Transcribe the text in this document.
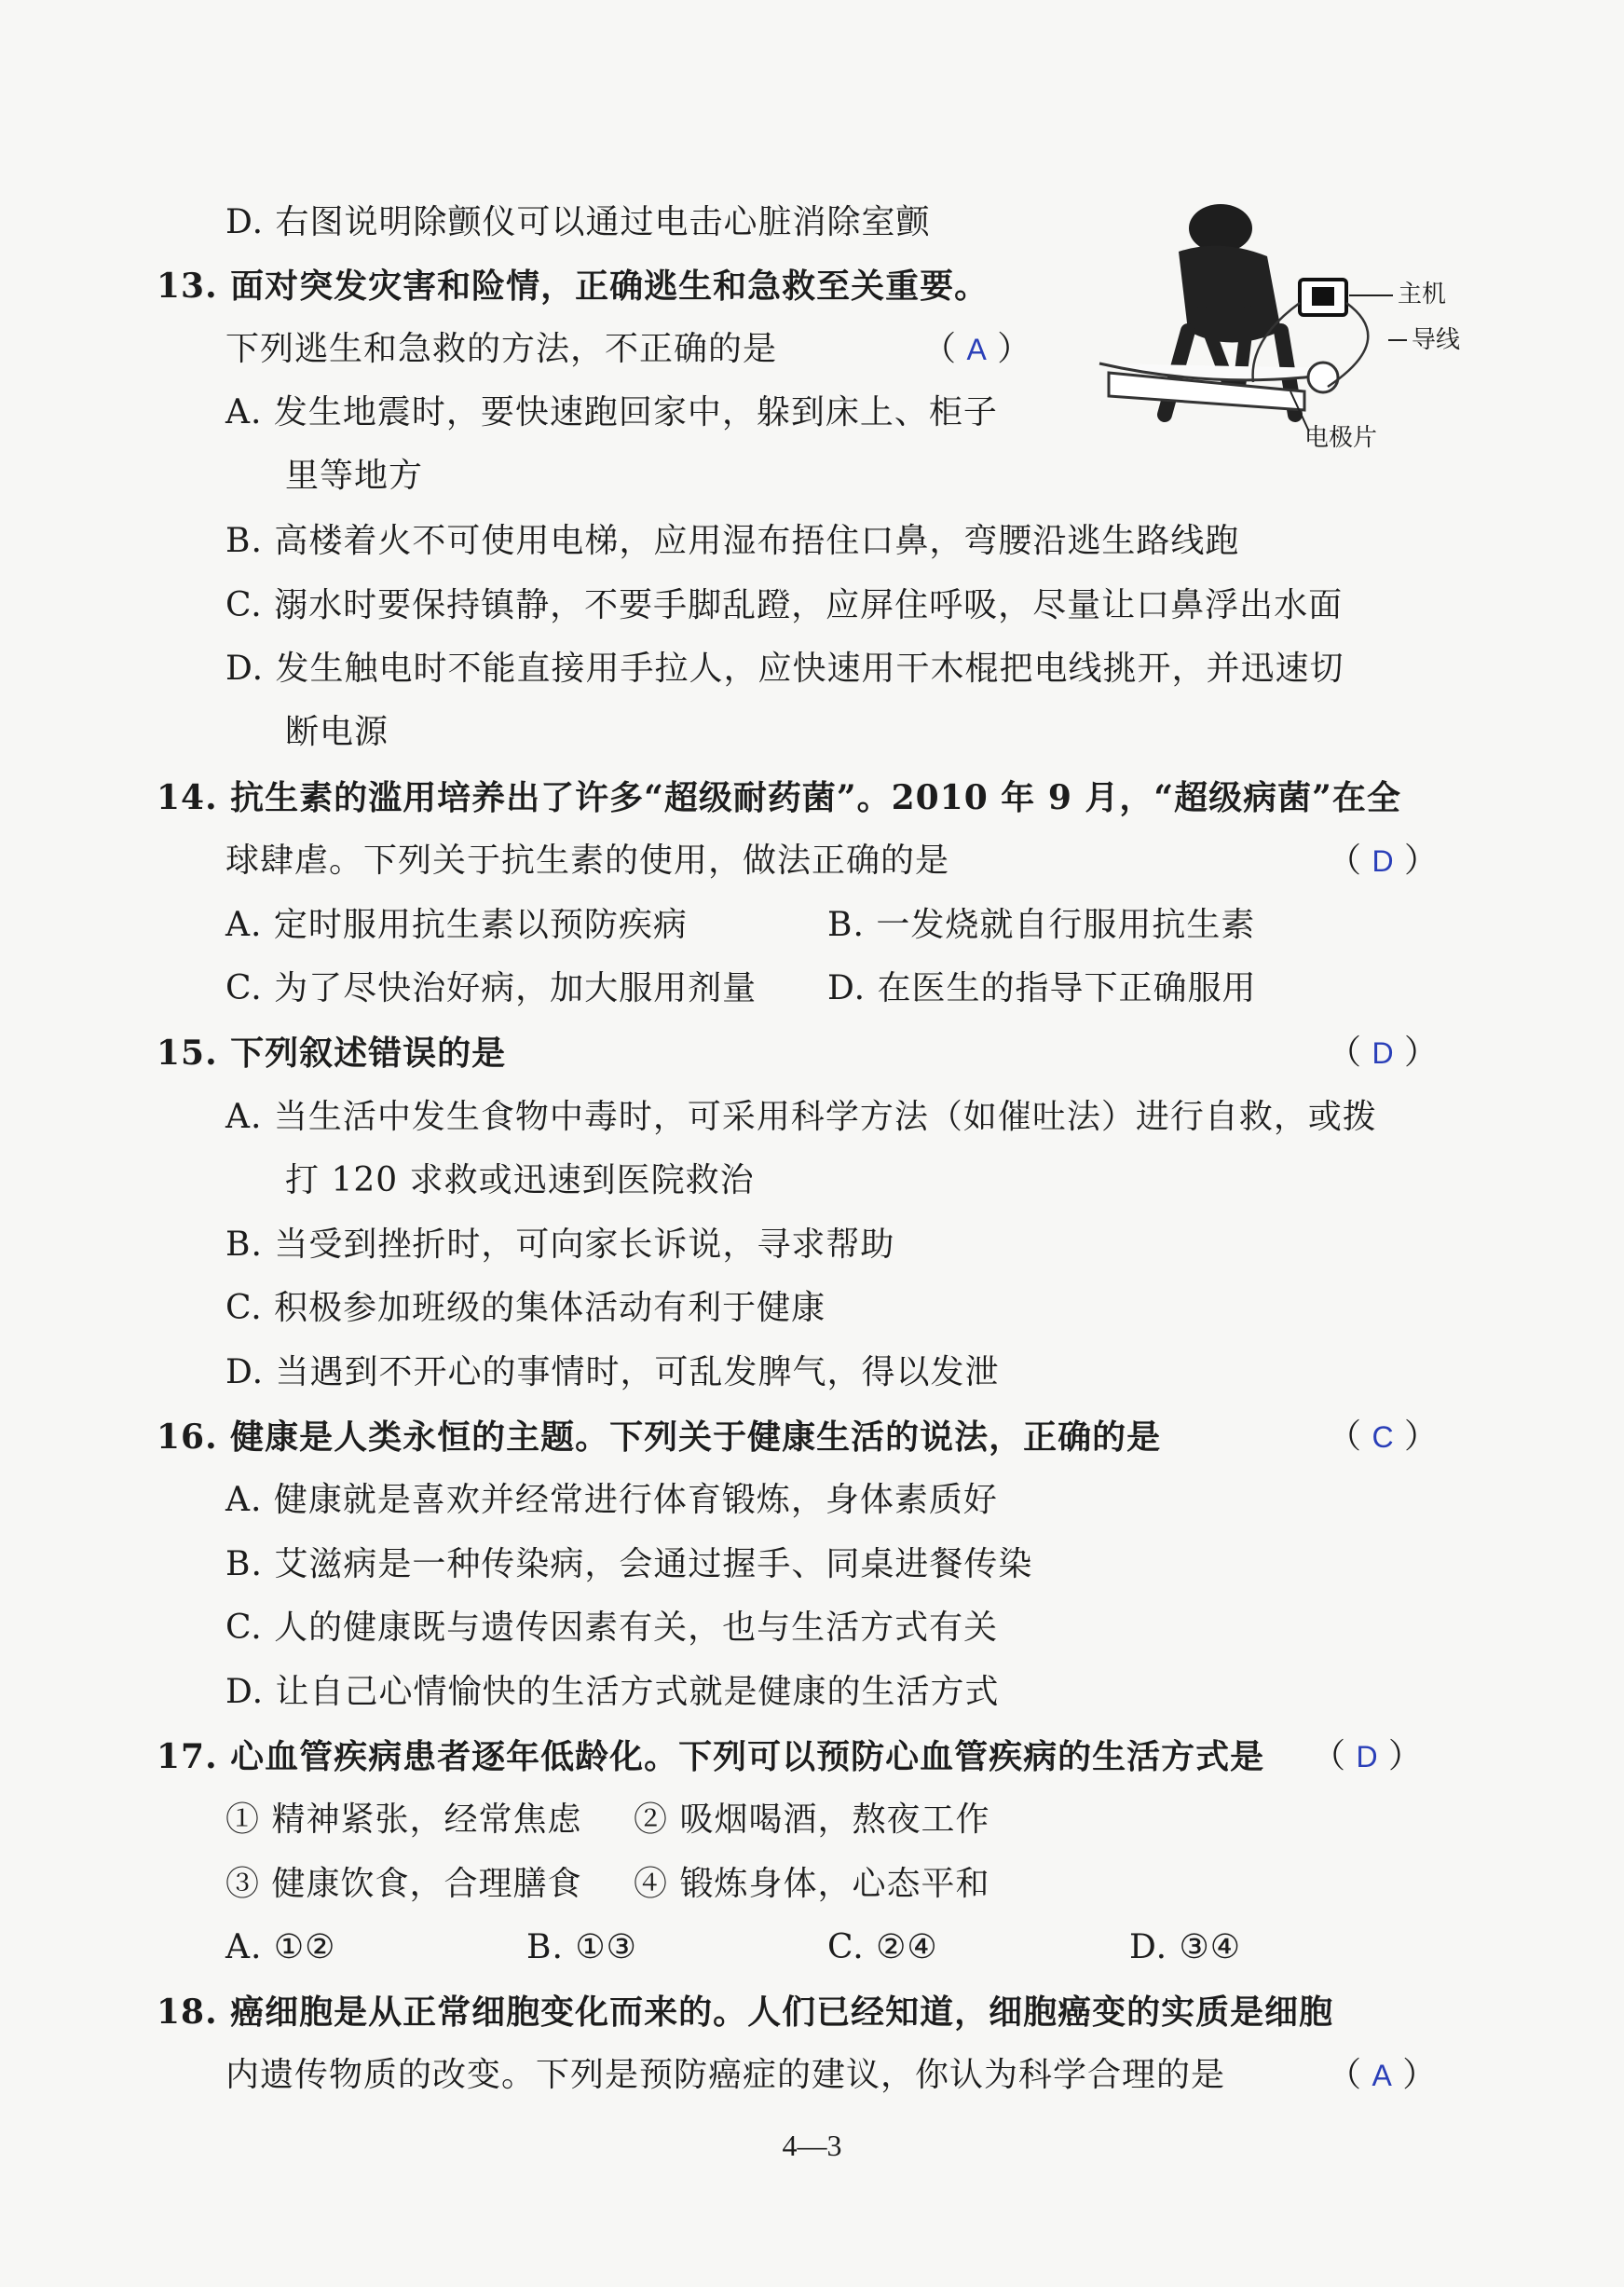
D. 右图说明除颤仪可以通过电击心脏消除室颤
13. 面对突发灾害和险情，正确逃生和急救至关重要。
下列逃生和急救的方法，不正确的是	（ A ）
A. 发生地震时，要快速跑回家中，躲到床上、柜子
里等地方
B. 高楼着火不可使用电梯，应用湿布捂住口鼻，弯腰沿逃生路线跑
C. 溺水时要保持镇静，不要手脚乱蹬，应屏住呼吸，尽量让口鼻浮出水面
D. 发生触电时不能直接用手拉人，应快速用干木棍把电线挑开，并迅速切
断电源
主机
导线
电极片
14. 抗生素的滥用培养出了许多“超级耐药菌”。2010 年 9 月，“超级病菌”在全
球肆虐。下列关于抗生素的使用，做法正确的是	（ D ）
A. 定时服用抗生素以预防疾病	B. 一发烧就自行服用抗生素
C. 为了尽快治好病，加大服用剂量 D. 在医生的指导下正确服用
15. 下列叙述错误的是	（ D ）
A. 当生活中发生食物中毒时，可采用科学方法（如催吐法）进行自救，或拨
打 120 求救或迅速到医院救治
B. 当受到挫折时，可向家长诉说，寻求帮助
C. 积极参加班级的集体活动有利于健康
D. 当遇到不开心的事情时，可乱发脾气，得以发泄
16. 健康是人类永恒的主题。下列关于健康生活的说法，正确的是	（ C ）
A. 健康就是喜欢并经常进行体育锻炼，身体素质好
B. 艾滋病是一种传染病，会通过握手、同桌进餐传染
C. 人的健康既与遗传因素有关，也与生活方式有关
D. 让自己心情愉快的生活方式就是健康的生活方式
17. 心血管疾病患者逐年低龄化。下列可以预防心血管疾病的生活方式是 （ D ）
① 精神紧张，经常焦虑 ② 吸烟喝酒，熬夜工作
③ 健康饮食，合理膳食 ④ 锻炼身体，心态平和
A. ①②	B. ①③	C. ②④	D. ③④
18. 癌细胞是从正常细胞变化而来的。人们已经知道，细胞癌变的实质是细胞
内遗传物质的改变。下列是预防癌症的建议，你认为科学合理的是	（ A ）
4—3
